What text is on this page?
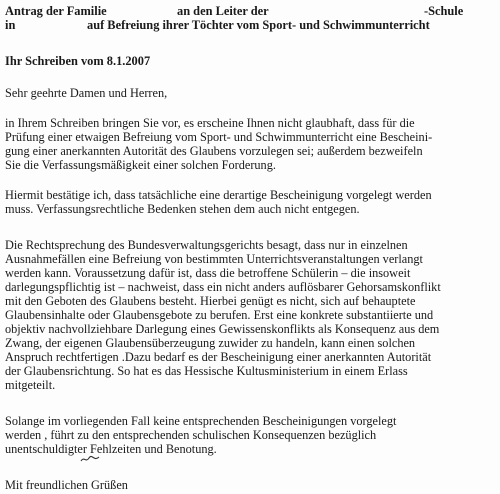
Antrag der Familie	an den Leiter der	-Schule
in	auf Befreiung ihrer Töchter vom Sport- und Schwimmunterricht
Ihr Schreiben vom 8.1.2007
Sehr geehrte Damen und Herren,
in Ihrem Schreiben bringen Sie vor, es erscheine Ihnen nicht glaubhaft, dass für die
Prüfung einer etwaigen Befreiung vom Sport- und Schwimmunterricht eine Bescheini-
gung einer anerkannten Autorität des Glaubens vorzulegen sei; außerdem bezweifeln
Sie die Verfassungsmäßigkeit einer solchen Forderung.
Hiermit bestätige ich, dass tatsächliche eine derartige Bescheinigung vorgelegt werden
muss. Verfassungsrechtliche Bedenken stehen dem auch nicht entgegen.
Die Rechtsprechung des Bundesverwaltungsgerichts besagt, dass nur in einzelnen
Ausnahmefällen eine Befreiung von bestimmten Unterrichtsveranstaltungen verlangt
werden kann. Voraussetzung dafür ist, dass die betroffene Schülerin – die insoweit
darlegungspflichtig ist – nachweist, dass ein nicht anders auflösbarer Gehorsamskonflikt
mit den Geboten des Glaubens besteht. Hierbei genügt es nicht, sich auf behauptete
Glaubensinhalte oder Glaubensgebote zu berufen. Erst eine konkrete substantiierte und
objektiv nachvollziehbare Darlegung eines Gewissenskonflikts als Konsequenz aus dem
Zwang, der eigenen Glaubensüberzeugung zuwider zu handeln, kann einen solchen
Anspruch rechtfertigen .Dazu bedarf es der Bescheinigung einer anerkannten Autorität
der Glaubensrichtung. So hat es das Hessische Kultusministerium in einem Erlass
mitgeteilt.
Solange im vorliegenden Fall keine entsprechenden Bescheinigungen vorgelegt
werden , führt zu den entsprechenden schulischen Konsequenzen bezüglich
unentschuldigter Fehlzeiten und Benotung.
Mit freundlichen Grüßen
